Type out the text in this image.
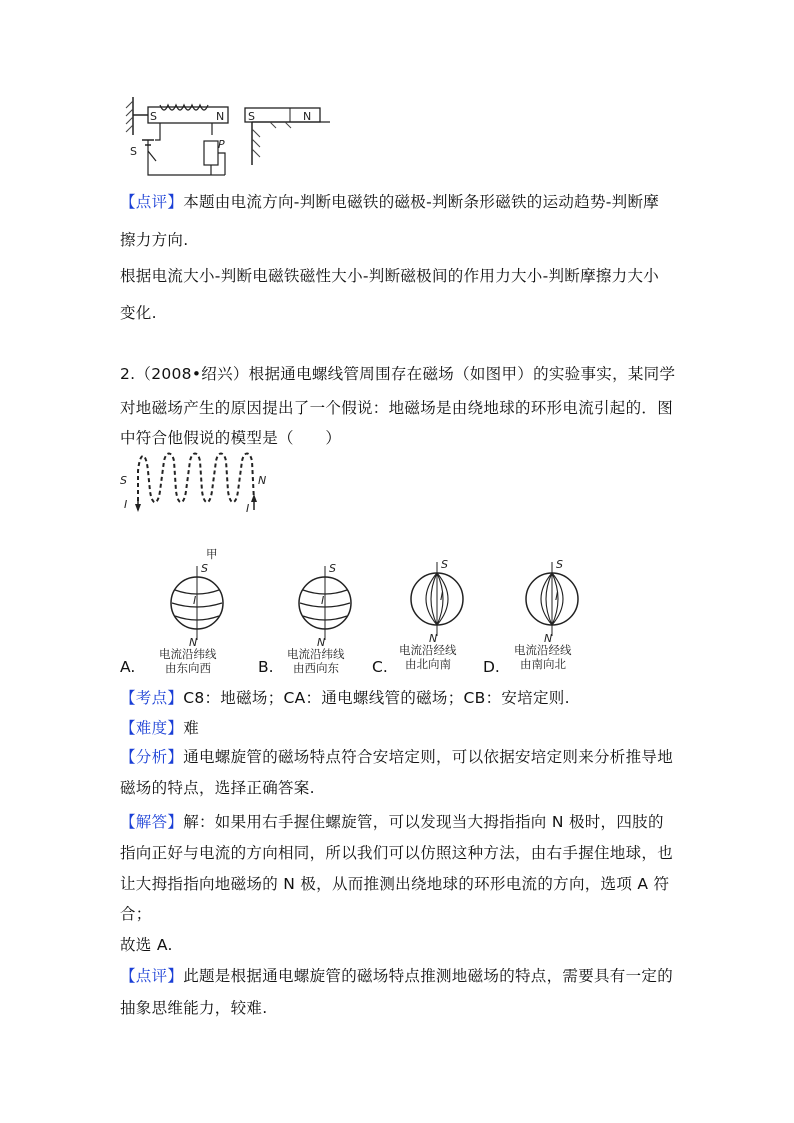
S	N
S
P
S	N
【点评】本题由电流方向-判断电磁铁的磁极-判断条形磁铁的运动趋势-判断摩
擦力方向.
根据电流大小-判断电磁铁磁性大小-判断磁极间的作用力大小-判断摩擦力大小
变化.
2.（2008•绍兴）根据通电螺线管周围存在磁场（如图甲）的实验事实，某同学
对地磁场产生的原因提出了一个假说：地磁场是由绕地球的环形电流引起的．图
中符合他假说的模型是（　　）
S	N
I	I
甲
S
N
I
电流沿纬线
由东向西
S
N
I
电流沿纬线
由西向东
S
N
I
电流沿经线
由北向南
S
N
I
电流沿经线
由南向北
A.	B.	C.	D.
【考点】C8：地磁场；CA：通电螺线管的磁场；CB：安培定则.
【难度】难
【分析】通电螺旋管的磁场特点符合安培定则，可以依据安培定则来分析推导地
磁场的特点，选择正确答案.
【解答】解：如果用右手握住螺旋管，可以发现当大拇指指向 N 极时，四肢的
指向正好与电流的方向相同，所以我们可以仿照这种方法，由右手握住地球，也
让大拇指指向地磁场的 N 极，从而推测出绕地球的环形电流的方向，选项 A 符
合；
故选 A.
【点评】此题是根据通电螺旋管的磁场特点推测地磁场的特点，需要具有一定的
抽象思维能力，较难.
